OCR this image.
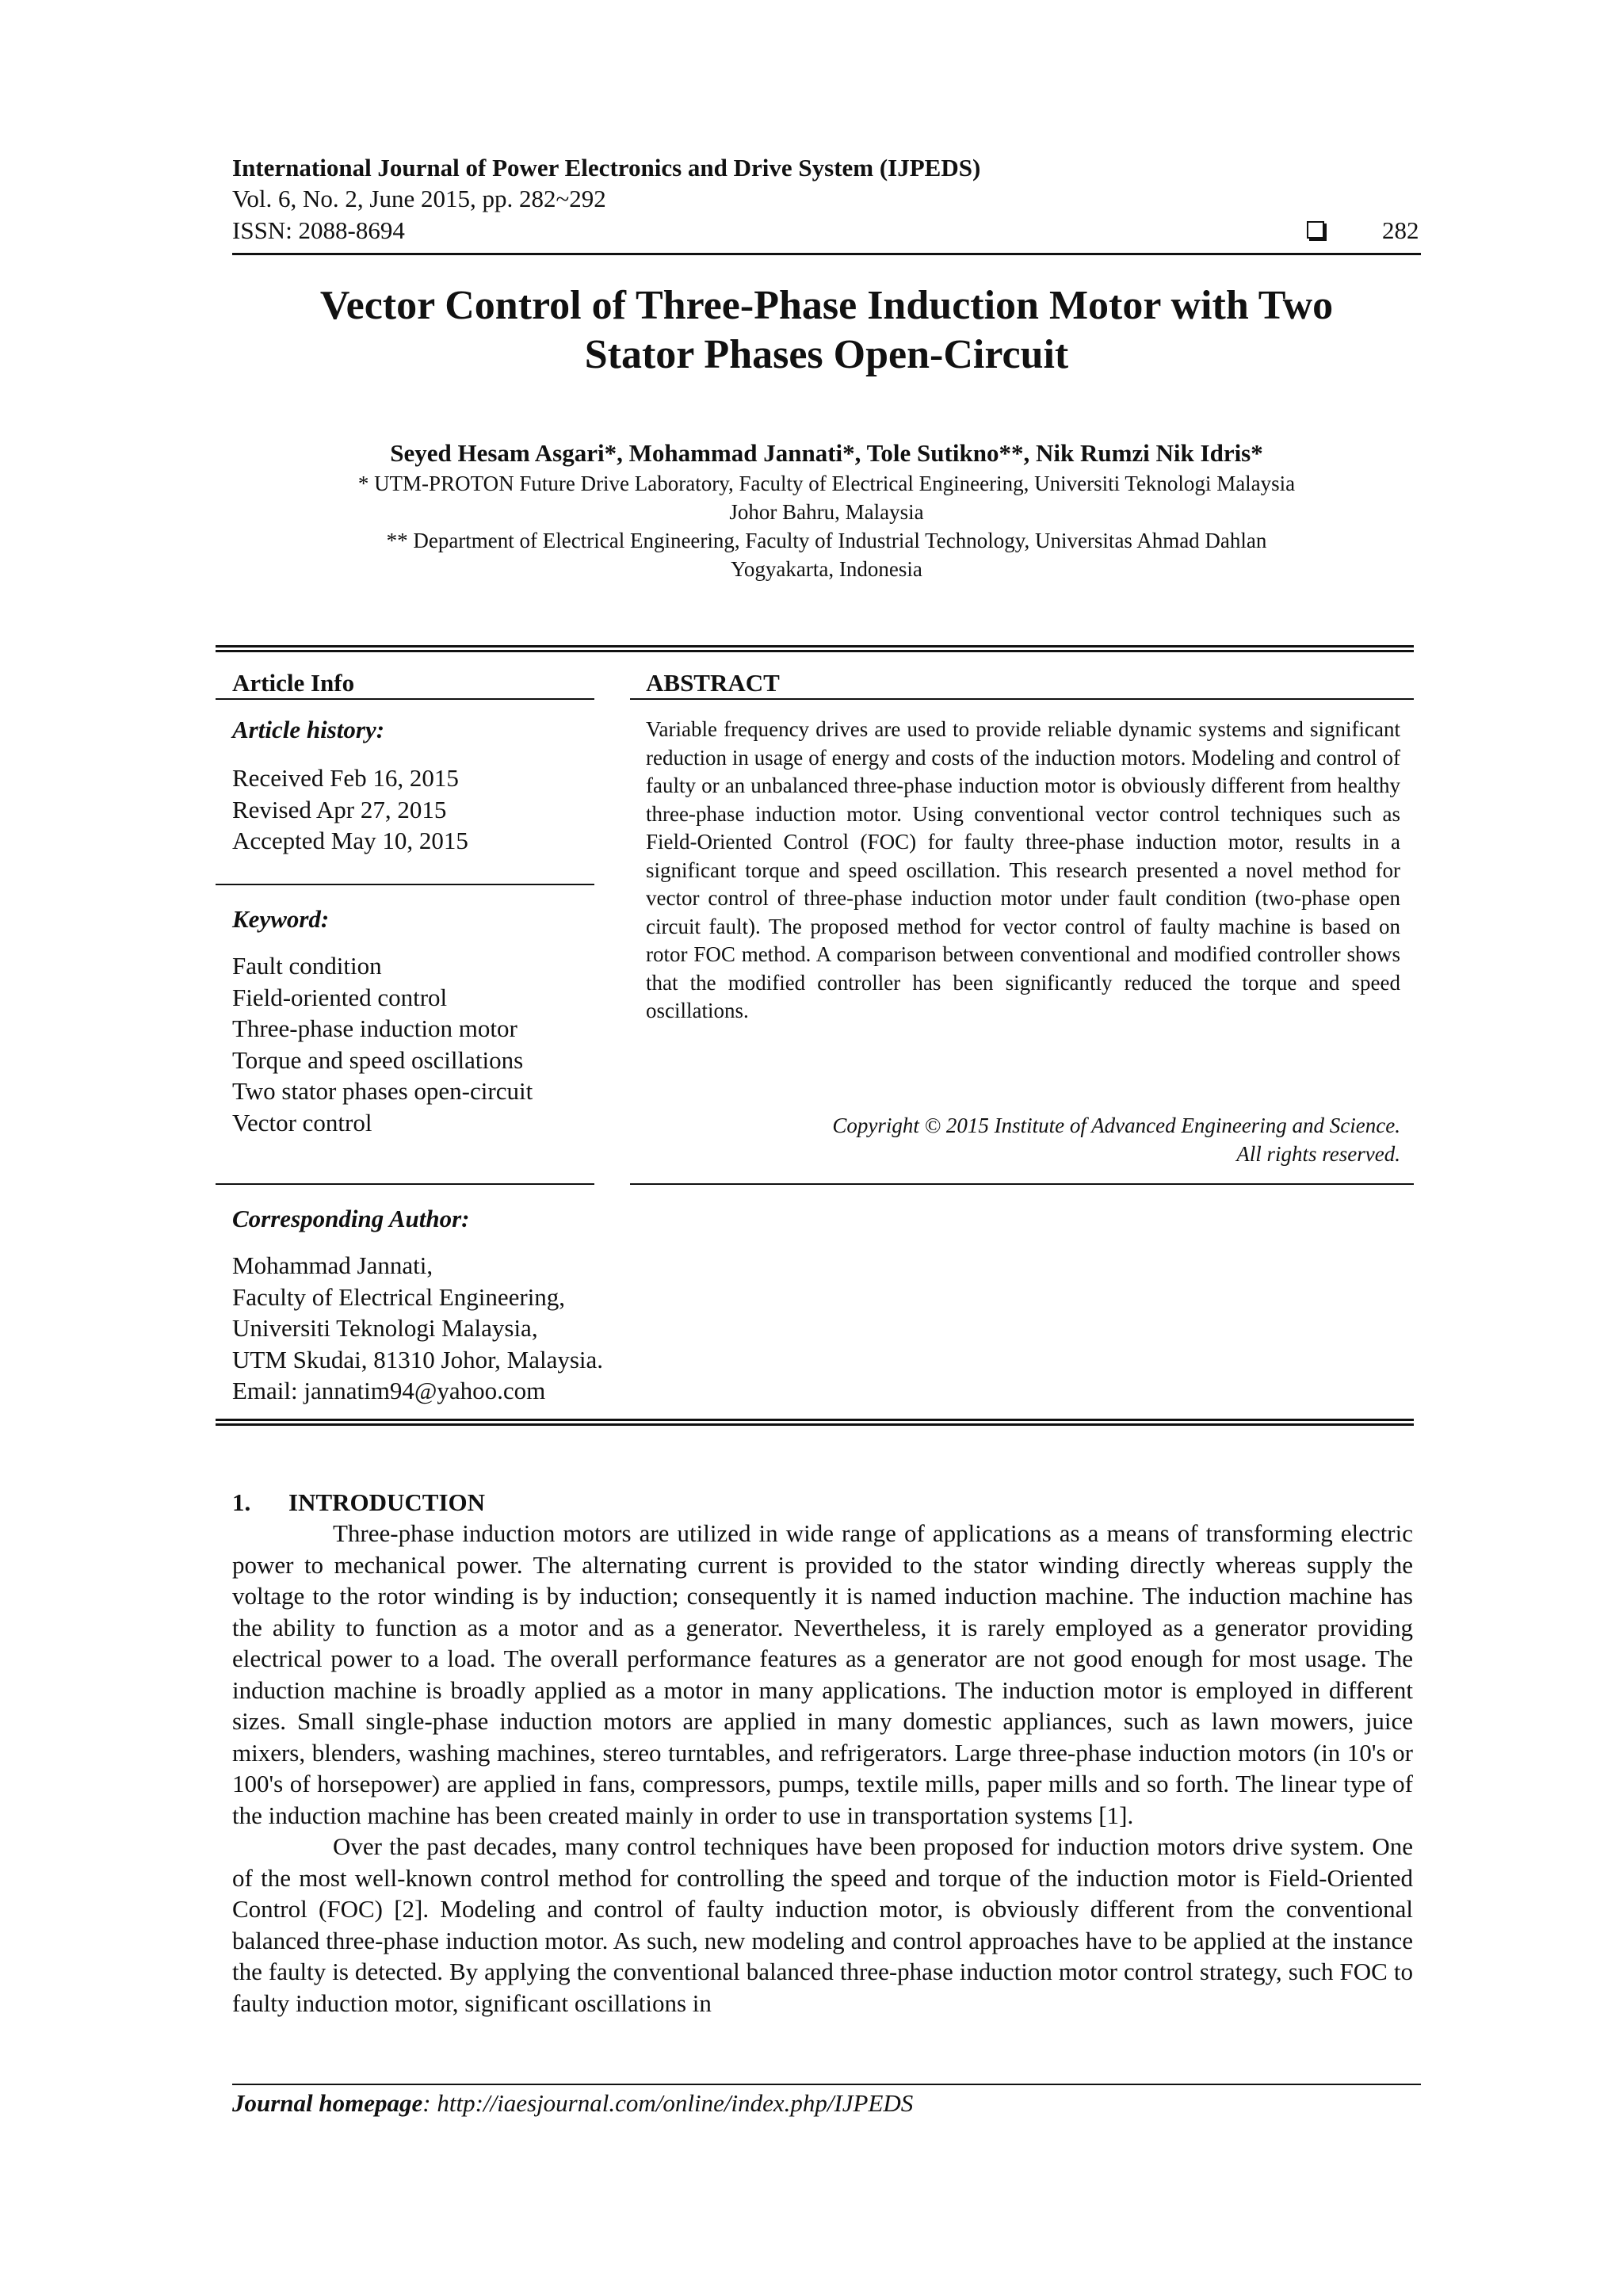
International Journal of Power Electronics and Drive System (IJPEDS)
Vol. 6, No. 2, June 2015, pp. 282~292
ISSN: 2088-8694	282
Vector Control of Three-Phase Induction Motor with Two
Stator Phases Open-Circuit
Seyed Hesam Asgari*, Mohammad Jannati*, Tole Sutikno**, Nik Rumzi Nik Idris*
* UTM-PROTON Future Drive Laboratory, Faculty of Electrical Engineering, Universiti Teknologi Malaysia
Johor Bahru, Malaysia
** Department of Electrical Engineering, Faculty of Industrial Technology, Universitas Ahmad Dahlan
Yogyakarta, Indonesia
Article Info
Article history:
Received Feb 16, 2015
Revised Apr 27, 2015
Accepted May 10, 2015
Keyword:
Fault condition
Field-oriented control
Three-phase induction motor
Torque and speed oscillations
Two stator phases open-circuit
Vector control
Corresponding Author:
Mohammad Jannati,
Faculty of Electrical Engineering,
Universiti Teknologi Malaysia,
UTM Skudai, 81310 Johor, Malaysia.
Email: jannatim94@yahoo.com
ABSTRACT
Variable frequency drives are used to provide reliable dynamic systems and significant reduction in usage of energy and costs of the induction motors. Modeling and control of faulty or an unbalanced three-phase induction motor is obviously different from healthy three-phase induction motor. Using conventional vector control techniques such as Field-Oriented Control (FOC) for faulty three-phase induction motor, results in a significant torque and speed oscillation. This research presented a novel method for vector control of three-phase induction motor under fault condition (two-phase open circuit fault). The proposed method for vector control of faulty machine is based on rotor FOC method. A comparison between conventional and modified controller shows that the modified controller has been significantly reduced the torque and speed oscillations.
Copyright © 2015 Institute of Advanced Engineering and Science.
All rights reserved.
1. INTRODUCTION

Three-phase induction motors are utilized in wide range of applications as a means of transforming electric power to mechanical power. The alternating current is provided to the stator winding directly whereas supply the voltage to the rotor winding is by induction; consequently it is named induction machine. The induction machine has the ability to function as a motor and as a generator. Nevertheless, it is rarely employed as a generator providing electrical power to a load. The overall performance features as a generator are not good enough for most usage. The induction machine is broadly applied as a motor in many applications. The induction motor is employed in different sizes. Small single-phase induction motors are applied in many domestic appliances, such as lawn mowers, juice mixers, blenders, washing machines, stereo turntables, and refrigerators. Large three-phase induction motors (in 10's or 100's of horsepower) are applied in fans, compressors, pumps, textile mills, paper mills and so forth. The linear type of the induction machine has been created mainly in order to use in transportation systems [1].

Over the past decades, many control techniques have been proposed for induction motors drive system. One of the most well-known control method for controlling the speed and torque of the induction motor is Field-Oriented Control (FOC) [2]. Modeling and control of faulty induction motor, is obviously different from the conventional balanced three-phase induction motor. As such, new modeling and control approaches have to be applied at the instance the faulty is detected. By applying the conventional balanced three-phase induction motor control strategy, such FOC to faulty induction motor, significant oscillations in

Journal homepage: http://iaesjournal.com/online/index.php/IJPEDS
